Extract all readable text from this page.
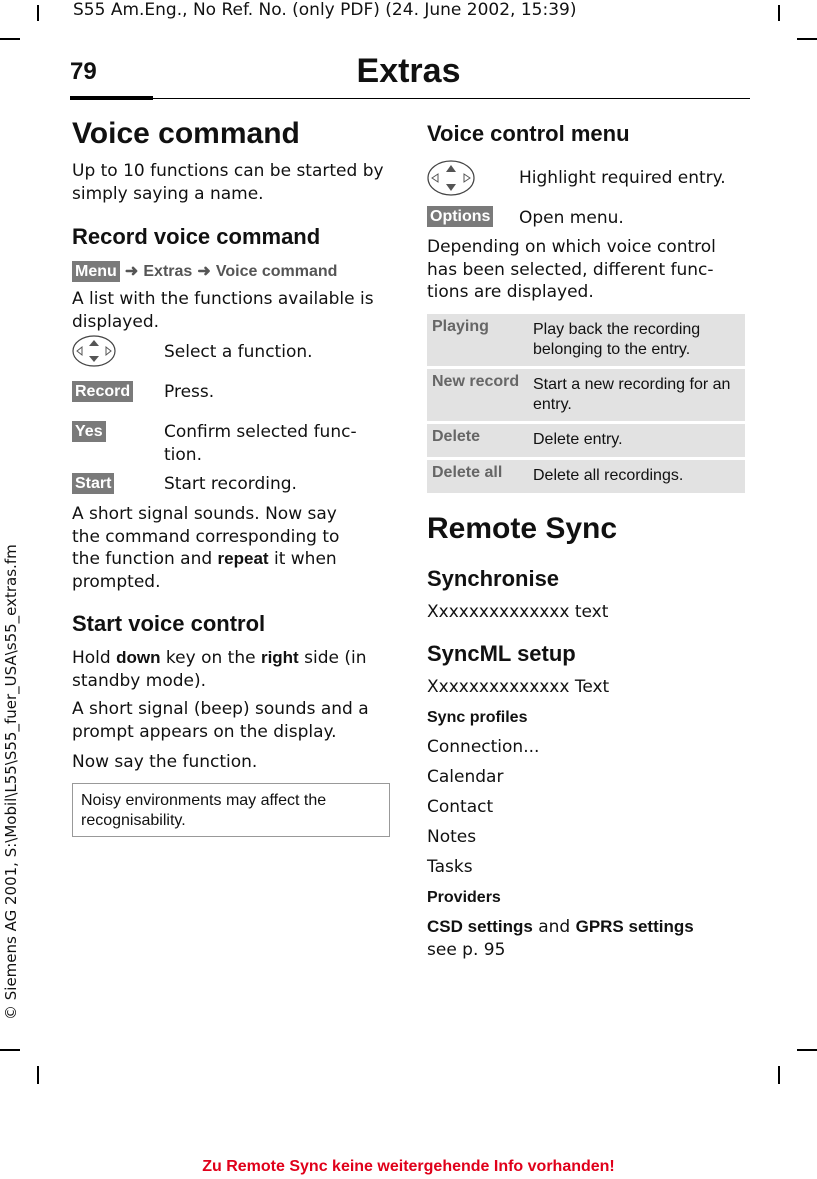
S55 Am.Eng., No Ref. No. (only PDF) (24. June 2002, 15:39)
79	Extras
© Siemens AG 2001, S:\Mobil\L55\S55_fuer_USA\s55_extras.fm
Voice command
Up to 10 functions can be started by simply saying a name.
Record voice command
Menu ➜ Extras ➜ Voice command
A list with the functions available is displayed.
Select a function.
Record Press.
Yes	Confirm selected func-tion.
Start	Start recording.
A short signal sounds. Now say the command corresponding to the function and repeat it when prompted.
Start voice control
Hold down key on the right side (in standby mode).
A short signal (beep) sounds and a prompt appears on the display.
Now say the function.
Noisy environments may affect the recognisability.
Voice control menu
Highlight required entry.
Options Open menu.
Depending on which voice control has been selected, different func-tions are displayed.
Playing	Play back the recording belonging to the entry.
New record Start a new recording for an entry.
Delete	Delete entry.
Delete all Delete all recordings.
Remote Sync
Synchronise
Xxxxxxxxxxxxxx text
SyncML setup
Xxxxxxxxxxxxxx Text
Sync profiles
Connection...
Calendar
Contact
Notes
Tasks
Providers
CSD settings and GPRS settings see p. 95
Zu Remote Sync keine weitergehende Info vorhanden!
